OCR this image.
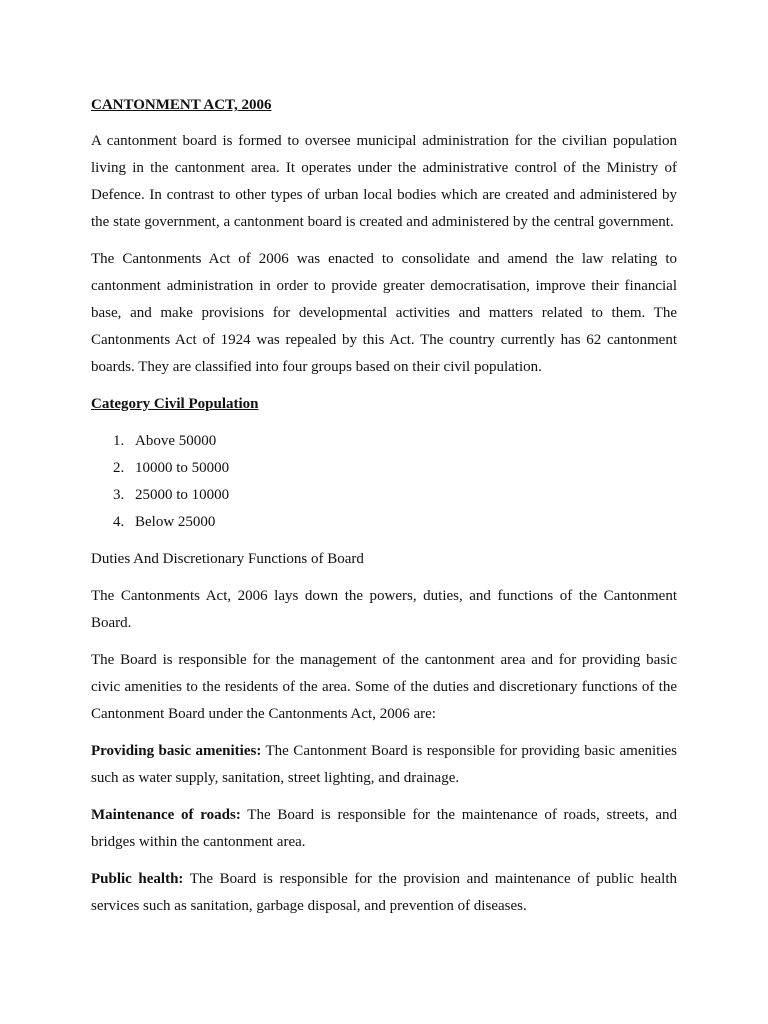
CANTONMENT ACT, 2006

A cantonment board is formed to oversee municipal administration for the civilian population living in the cantonment area. It operates under the administrative control of the Ministry of Defence. In contrast to other types of urban local bodies which are created and administered by the state government, a cantonment board is created and administered by the central government.

The Cantonments Act of 2006 was enacted to consolidate and amend the law relating to cantonment administration in order to provide greater democratisation, improve their financial base, and make provisions for developmental activities and matters related to them. The Cantonments Act of 1924 was repealed by this Act. The country currently has 62 cantonment boards. They are classified into four groups based on their civil population.

Category Civil Population

1. Above 50000
2. 10000 to 50000
3. 25000 to 10000
4. Below 25000

Duties And Discretionary Functions of Board

The Cantonments Act, 2006 lays down the powers, duties, and functions of the Cantonment Board.

The Board is responsible for the management of the cantonment area and for providing basic civic amenities to the residents of the area. Some of the duties and discretionary functions of the Cantonment Board under the Cantonments Act, 2006 are:

Providing basic amenities: The Cantonment Board is responsible for providing basic amenities such as water supply, sanitation, street lighting, and drainage.

Maintenance of roads: The Board is responsible for the maintenance of roads, streets, and bridges within the cantonment area.

Public health: The Board is responsible for the provision and maintenance of public health services such as sanitation, garbage disposal, and prevention of diseases.
